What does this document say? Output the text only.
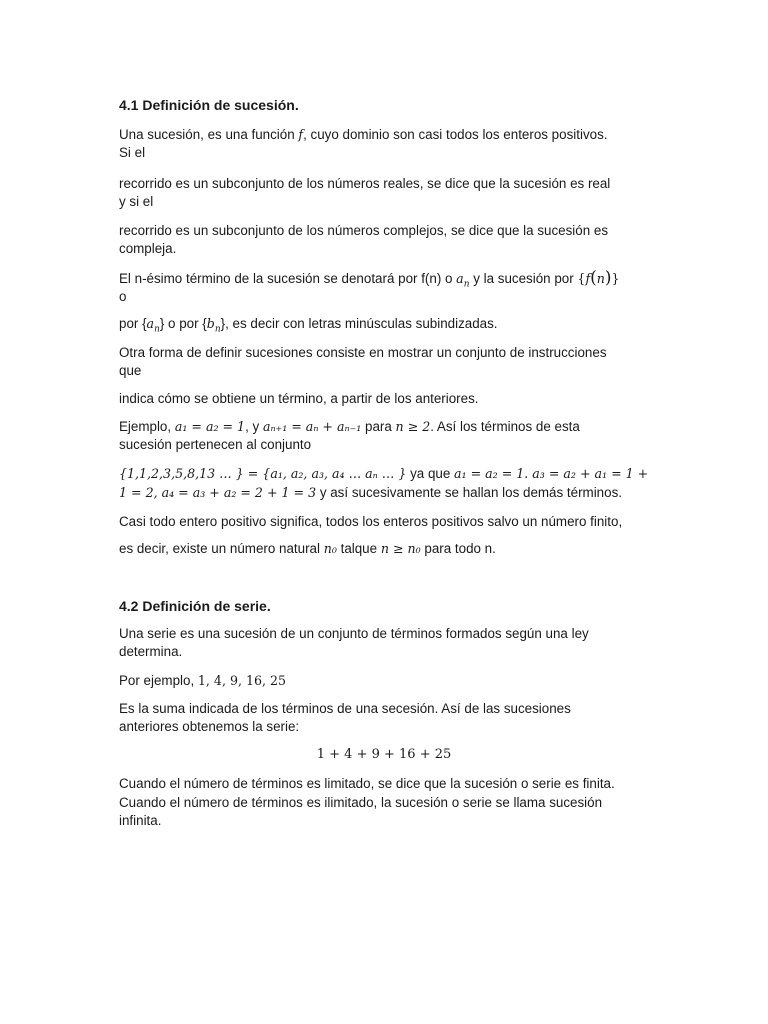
4.1 Definición de sucesión.
Una sucesión, es una función f, cuyo dominio son casi todos los enteros positivos.
Si el
recorrido es un subconjunto de los números reales, se dice que la sucesión es real
y si el
recorrido es un subconjunto de los números complejos, se dice que la sucesión es
compleja.
El n-ésimo término de la sucesión se denotará por f(n) o $a_n$ y la sucesión por {f(n)}
o
por $\{a_n\}$ o por $\{b_n\}$, es decir con letras minúsculas subindizadas.
Otra forma de definir sucesiones consiste en mostrar un conjunto de instrucciones
que
indica cómo se obtiene un término, a partir de los anteriores.
Ejemplo, a₁ = a₂ = 1, y aₙ₊₁ = aₙ + aₙ₋₁ para n ≥ 2. Así los términos de esta
sucesión pertenecen al conjunto
{1,1,2,3,5,8,13 … } = {a₁, a₂, a₃, a₄ … aₙ … } ya que a₁ = a₂ = 1. a₃ = a₂ + a₁ = 1 +
1 = 2, a₄ = a₃ + a₂ = 2 + 1 = 3 y así sucesivamente se hallan los demás términos.
Casi todo entero positivo significa, todos los enteros positivos salvo un número finito,
es decir, existe un número natural n₀ talque n ≥ n₀ para todo n.
4.2 Definición de serie.
Una serie es una sucesión de un conjunto de términos formados según una ley
determina.
Por ejemplo, 1, 4, 9, 16, 25
Es la suma indicada de los términos de una secesión. Así de las sucesiones
anteriores obtenemos la serie:
1 + 4 + 9 + 16 + 25
Cuando el número de términos es limitado, se dice que la sucesión o serie es finita.
Cuando el número de términos es ilimitado, la sucesión o serie se llama sucesión
infinita.
